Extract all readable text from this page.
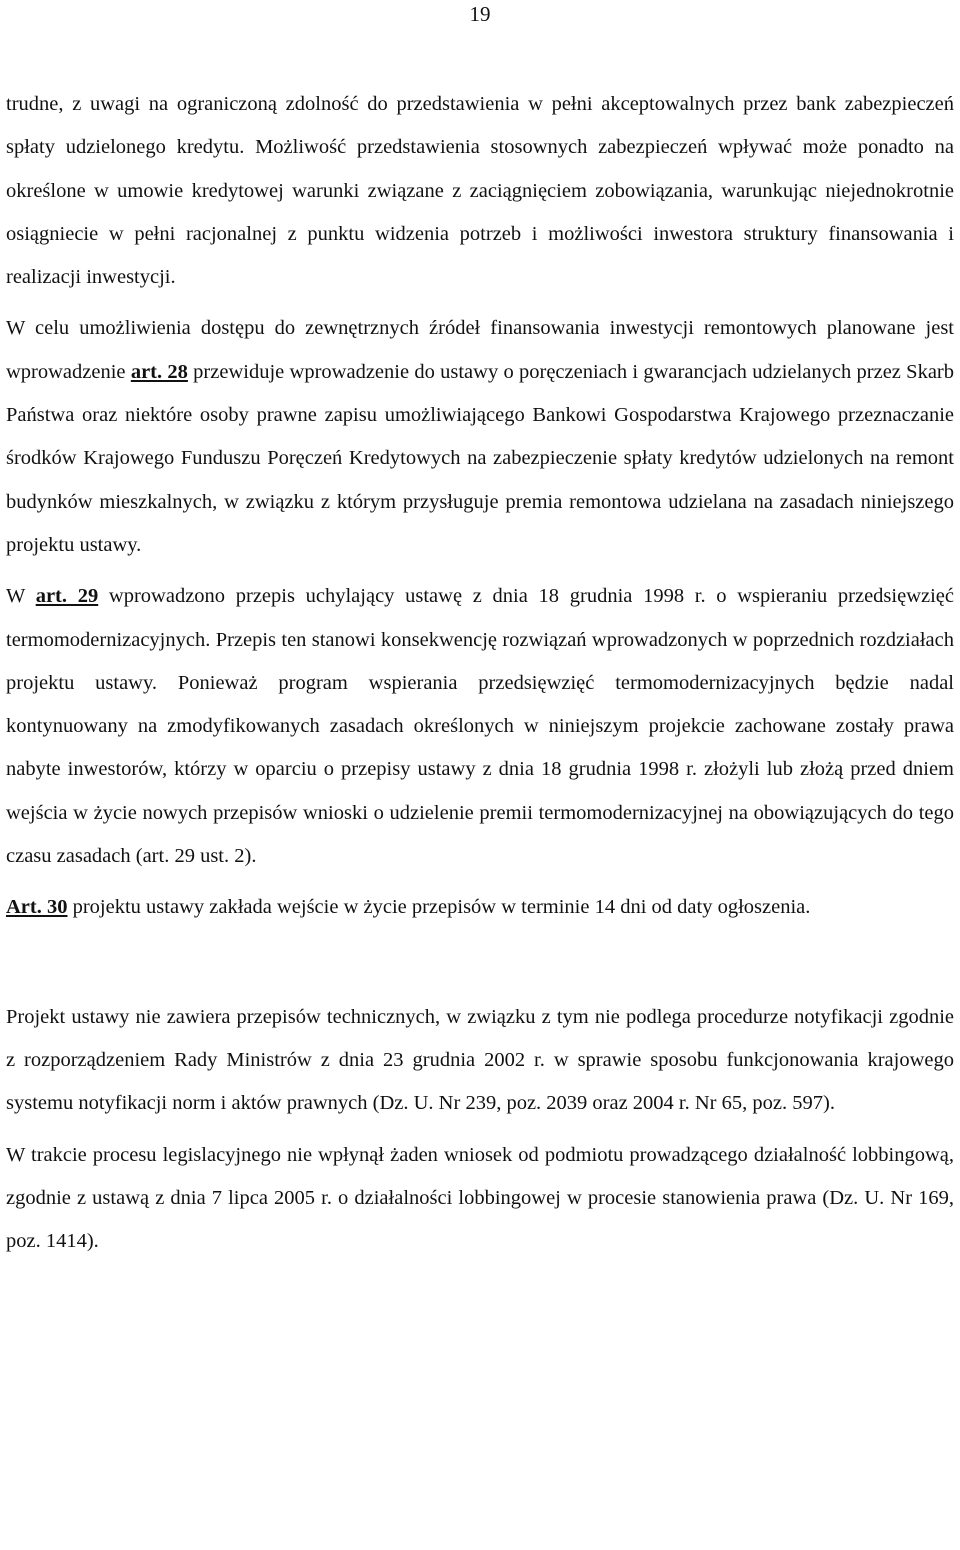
19

trudne, z uwagi na ograniczoną zdolność do przedstawienia w pełni akceptowalnych przez bank zabezpieczeń spłaty udzielonego kredytu. Możliwość przedstawienia stosownych zabezpieczeń wpływać może ponadto na określone w umowie kredytowej warunki związane z zaciągnięciem zobowiązania, warunkując niejednokrotnie osiągniecie w pełni racjonalnej z punktu widzenia potrzeb i możliwości inwestora struktury finansowania i realizacji inwestycji.

W celu umożliwienia dostępu do zewnętrznych źródeł finansowania inwestycji remontowych planowane jest wprowadzenie art. 28 przewiduje wprowadzenie do ustawy o poręczeniach i gwarancjach udzielanych przez Skarb Państwa oraz niektóre osoby prawne zapisu umożliwiającego Bankowi Gospodarstwa Krajowego przeznaczanie środków Krajowego Funduszu Poręczeń Kredytowych na zabezpieczenie spłaty kredytów udzielonych na remont budynków mieszkalnych, w związku z którym przysługuje premia remontowa udzielana na zasadach niniejszego projektu ustawy.

W art. 29 wprowadzono przepis uchylający ustawę z dnia 18 grudnia 1998 r. o wspieraniu przedsięwzięć termomodernizacyjnych. Przepis ten stanowi konsekwencję rozwiązań wprowadzonych w poprzednich rozdziałach projektu ustawy. Ponieważ program wspierania przedsięwzięć termomodernizacyjnych będzie nadal kontynuowany na zmodyfikowanych zasadach określonych w niniejszym projekcie zachowane zostały prawa nabyte inwestorów, którzy w oparciu o przepisy ustawy z dnia 18 grudnia 1998 r. złożyli lub złożą przed dniem wejścia w życie nowych przepisów wnioski o udzielenie premii termomodernizacyjnej na obowiązujących do tego czasu zasadach (art. 29 ust. 2).

Art. 30 projektu ustawy zakłada wejście w życie przepisów w terminie 14 dni od daty ogłoszenia.

Projekt ustawy nie zawiera przepisów technicznych, w związku z tym nie podlega procedurze notyfikacji zgodnie z rozporządzeniem Rady Ministrów z dnia 23 grudnia 2002 r. w sprawie sposobu funkcjonowania krajowego systemu notyfikacji norm i aktów prawnych (Dz. U. Nr 239, poz. 2039 oraz 2004 r. Nr 65, poz. 597).

W trakcie procesu legislacyjnego nie wpłynął żaden wniosek od podmiotu prowadzącego działalność lobbingową, zgodnie z ustawą z dnia 7 lipca 2005 r. o działalności lobbingowej w procesie stanowienia prawa (Dz. U. Nr 169, poz. 1414).
